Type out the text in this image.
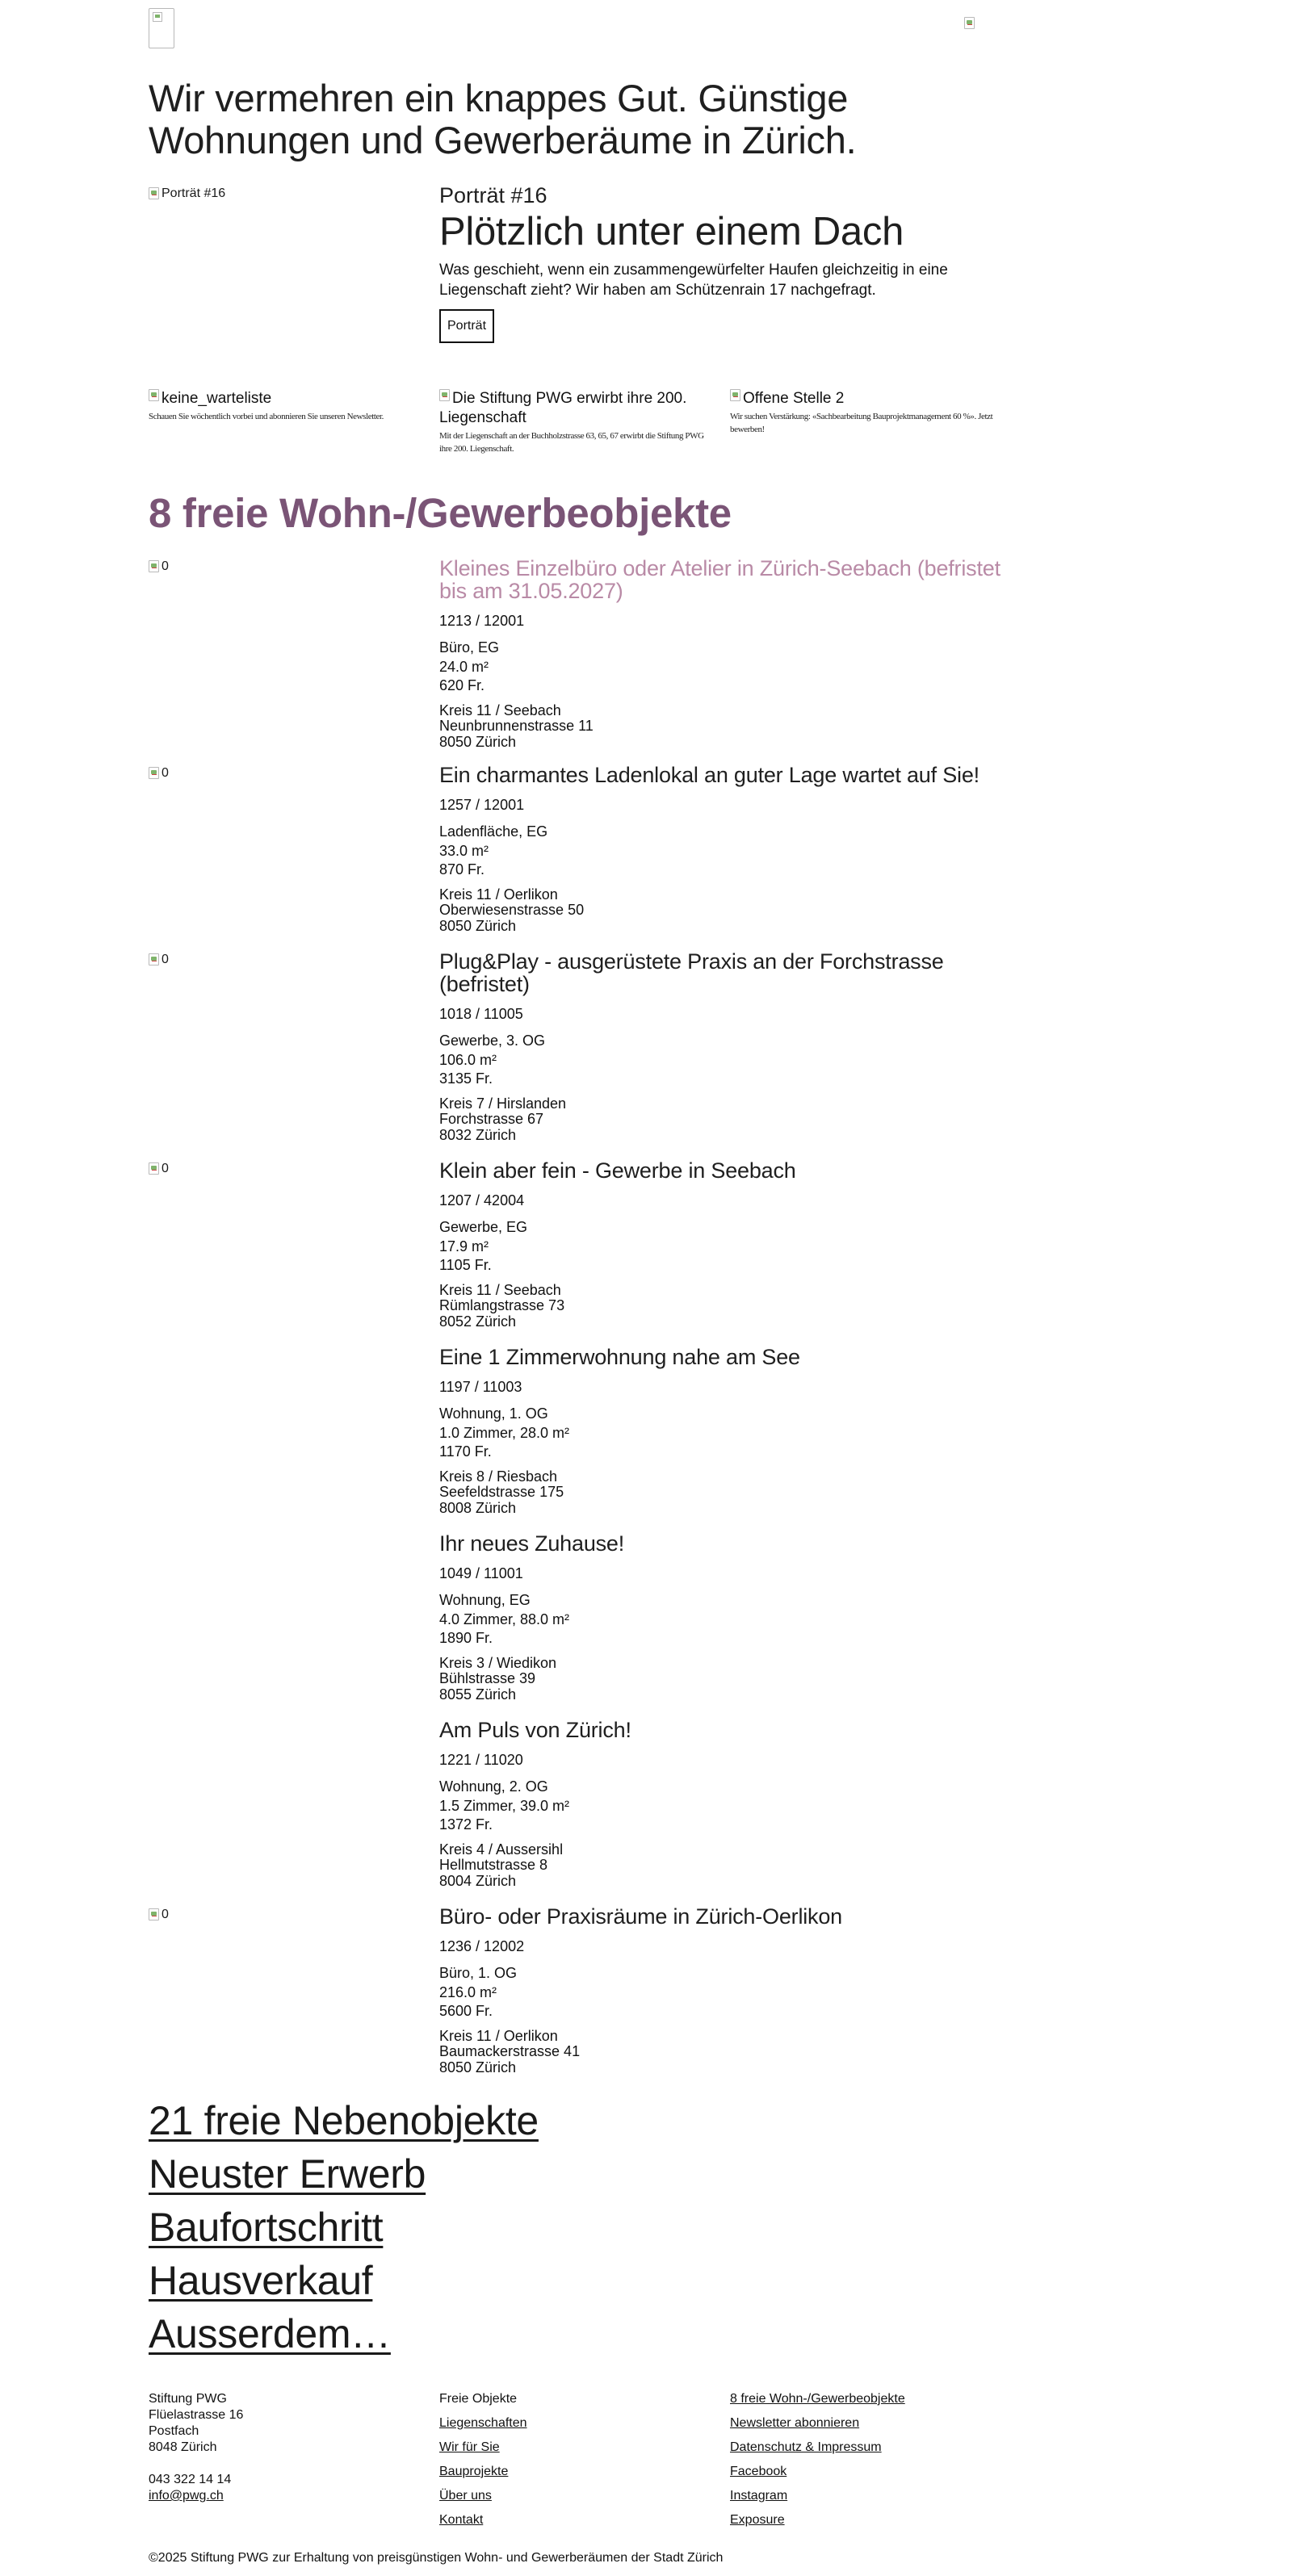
Wir vermehren ein knappes Gut. Günstige Wohnungen und Gewerberäume in Zürich.
Porträt #16	Porträt #16
Plötzlich unter einem Dach

Was geschieht, wenn ein zusammengewürfelter Haufen gleichzeitig in eine Liegenschaft zieht? Wir haben am Schützenrain 17 nachgefragt.

Porträt
keine_warteliste
Schauen Sie wöchentlich vorbei und abonnieren Sie unseren Newsletter.
Die Stiftung PWG erwirbt ihre 200. Liegenschaft
Mit der Liegenschaft an der Buchholzstrasse 63, 65, 67 erwirbt die Stiftung PWG ihre 200. Liegenschaft.
Offene Stelle 2
Wir suchen Verstärkung: «Sachbearbeitung Bauprojektmanagement 60 %». Jetzt bewerben!
8 freie Wohn-/Gewerbeobjekte
0	Kleines Einzelbüro oder Atelier in Zürich-Seebach (befristet bis am 31.05.2027)
1213 / 12001
Büro, EG
24.0 m²
620 Fr.
Kreis 11 / Seebach
Neunbrunnenstrasse 11
8050 Zürich
0	Ein charmantes Ladenlokal an guter Lage wartet auf Sie!
1257 / 12001
Ladenfläche, EG
33.0 m²
870 Fr.
Kreis 11 / Oerlikon
Oberwiesenstrasse 50
8050 Zürich
0	Plug&Play - ausgerüstete Praxis an der Forchstrasse (befristet)
1018 / 11005
Gewerbe, 3. OG
106.0 m²
3135 Fr.
Kreis 7 / Hirslanden
Forchstrasse 67
8032 Zürich
0	Klein aber fein - Gewerbe in Seebach
1207 / 42004
Gewerbe, EG
17.9 m²
1105 Fr.
Kreis 11 / Seebach
Rümlangstrasse 73
8052 Zürich
Eine 1 Zimmerwohnung nahe am See
1197 / 11003
Wohnung, 1. OG
1.0 Zimmer, 28.0 m²
1170 Fr.
Kreis 8 / Riesbach
Seefeldstrasse 175
8008 Zürich
Ihr neues Zuhause!
1049 / 11001
Wohnung, EG
4.0 Zimmer, 88.0 m²
1890 Fr.
Kreis 3 / Wiedikon
Bühlstrasse 39
8055 Zürich
Am Puls von Zürich!
1221 / 11020
Wohnung, 2. OG
1.5 Zimmer, 39.0 m²
1372 Fr.
Kreis 4 / Aussersihl
Hellmutstrasse 8
8004 Zürich
0	Büro- oder Praxisräume in Zürich-Oerlikon
1236 / 12002
Büro, 1. OG
216.0 m²
5600 Fr.
Kreis 11 / Oerlikon
Baumackerstrasse 41
8050 Zürich
21 freie Nebenobjekte
Neuster Erwerb
Baufortschritt
Hausverkauf
Ausserdem…
Stiftung PWG
Flüelastrasse 16
Postfach
8048 Zürich
043 322 14 14
info@pwg.ch
Freie Objekte
Liegenschaften
Wir für Sie
Bauprojekte
Über uns
Kontakt
8 freie Wohn-/Gewerbeobjekte
Newsletter abonnieren
Datenschutz & Impressum
Facebook
Instagram
Exposure
©2025 Stiftung PWG zur Erhaltung von preisgünstigen Wohn- und Gewerberäumen der Stadt Zürich
